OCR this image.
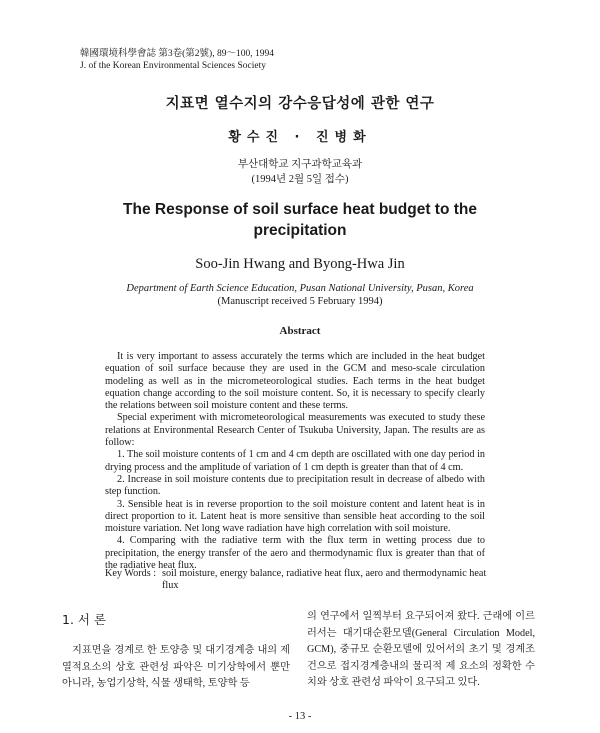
韓國環境科學會誌 第3卷(第2號), 89～100, 1994
J. of the Korean Environmental Sciences Society
지표면 열수지의 강수응답성에 관한 연구
황수진 · 진병화
부산대학교 지구과학교육과
(1994년 2월 5일 접수)
The Response of soil surface heat budget to the precipitation
Soo-Jin Hwang and Byong-Hwa Jin
Department of Earth Science Education, Pusan National University, Pusan, Korea
(Manuscript received 5 February 1994)
Abstract

It is very important to assess accurately the terms which are included in the heat budget equation of soil surface because they are used in the GCM and meso-scale circulation modeling as well as in the micrometeorological studies. Each terms in the heat budget equation change according to the soil moisture content. So, it is necessary to specify clearly the relations between soil moisture content and these terms.

Special experiment with micrometeorological measurements was executed to study these relations at Environmental Research Center of Tsukuba University, Japan. The results are as follow:

1. The soil moisture contents of 1 cm and 4 cm depth are oscillated with one day period in drying process and the amplitude of variation of 1 cm depth is greater than that of 4 cm.

2. Increase in soil moisture contents due to precipitation result in decrease of albedo with step function.

3. Sensible heat is in reverse proportion to the soil moisture content and latent heat is in direct proportion to it. Latent heat is more sensitive than sensible heat according to the soil moisture variation. Net long wave radiation have high correlation with soil moisture.

4. Comparing with the radiative term with the flux term in wetting process due to precipitation, the energy transfer of the aero and thermodynamic flux is greater than that of the radiative heat flux.

Key Words : soil moisture, energy balance, radiative heat flux, aero and thermodynamic heat flux
1. 서 론
지표면을 경계로 한 토양층 및 대기경계층 내의 제 열적요소의 상호 관련성 파악은 미기상학에서 뿐만 아니라, 농업기상학, 식물 생태학, 토양학 등
의 연구에서 일찍부터 요구되어져 왔다. 근래에 이르러서는 대기대순환모델(General Circulation Model, GCM), 중규모 순환모델에 있어서의 초기 및 경계조건으로 접지경계층내의 물리적 제 요소의 정확한 수치와 상호 관련성 파악이 요구되고 있다.
- 13 -
